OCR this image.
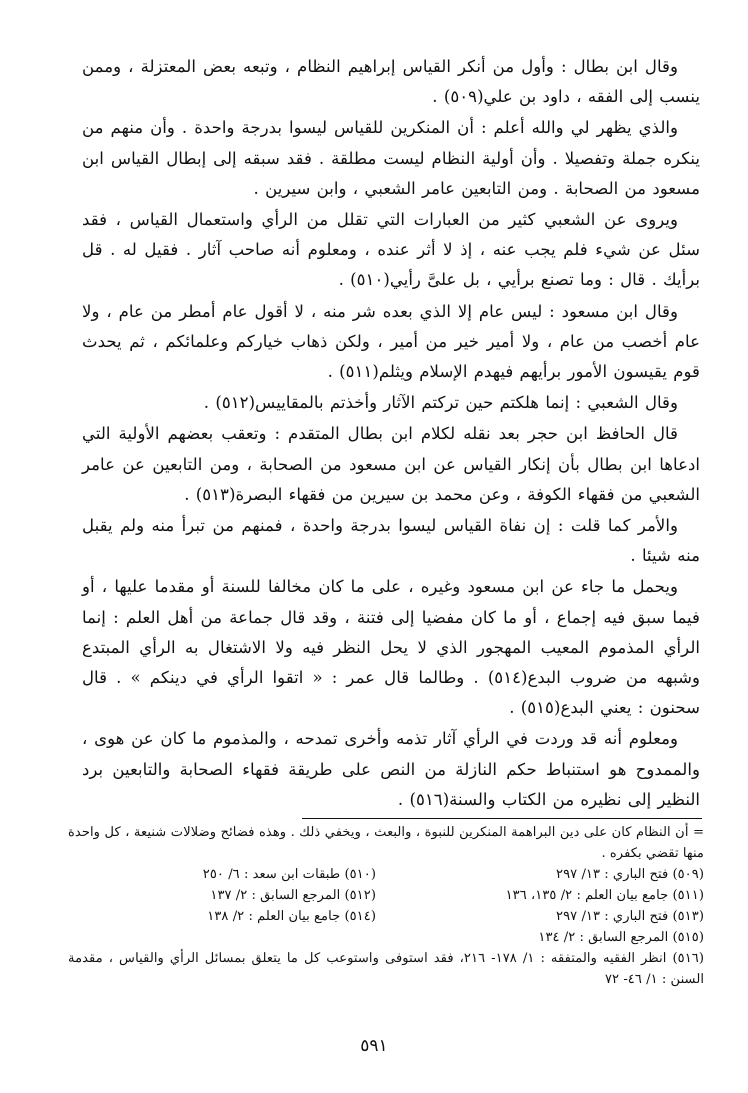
وقال ابن بطال : وأول من أنكر القياس إبراهيم النظام ، وتبعه بعض المعتزلة ، وممن ينسب إلى الفقه ، داود بن علي(٥٠٩) .

والذي يظهر لي والله أعلم : أن المنكرين للقياس ليسوا بدرجة واحدة . وأن منهم من ينكره جملة وتفصيلا . وأن أولية النظام ليست مطلقة . فقد سبقه إلى إبطال القياس ابن مسعود من الصحابة . ومن التابعين عامر الشعبي ، وابن سيرين .

ويروى عن الشعبي كثير من العبارات التي تقلل من الرأي واستعمال القياس ، فقد سئل عن شيء فلم يجب عنه ، إذ لا أثر عنده ، ومعلوم أنه صاحب آثار . فقيل له . قل برأيك . قال : وما تصنع برأيي ، بل علىَّ رأيي(٥١٠) .

وقال ابن مسعود : ليس عام إلا الذي بعده شر منه ، لا أقول عام أمطر من عام ، ولا عام أخصب من عام ، ولا أمير خير من أمير ، ولكن ذهاب خياركم وعلمائكم ، ثم يحدث قوم يقيسون الأمور برأيهم فيهدم الإسلام ويثلم(٥١١) .

وقال الشعبي : إنما هلكتم حين تركتم الآثار وأخذتم بالمقاييس(٥١٢) .

قال الحافظ ابن حجر بعد نقله لكلام ابن بطال المتقدم : وتعقب بعضهم الأولية التي ادعاها ابن بطال بأن إنكار القياس عن ابن مسعود من الصحابة ، ومن التابعين عن عامر الشعبي من فقهاء الكوفة ، وعن محمد بن سيرين من فقهاء البصرة(٥١٣) .

والأمر كما قلت : إن نفاة القياس ليسوا بدرجة واحدة ، فمنهم من تبرأ منه ولم يقبل منه شيئا .

ويحمل ما جاء عن ابن مسعود وغيره ، على ما كان مخالفا للسنة أو مقدما عليها ، أو فيما سبق فيه إجماع ، أو ما كان مفضيا إلى فتنة ، وقد قال جماعة من أهل العلم : إنما الرأي المذموم المعيب المهجور الذي لا يحل النظر فيه ولا الاشتغال به الرأي المبتدع وشبهه من ضروب البدع(٥١٤) . وطالما قال عمر : « اتقوا الرأي في دينكم » . قال سحنون : يعني البدع(٥١٥) .

ومعلوم أنه قد وردت في الرأي آثار تذمه وأخرى تمدحه ، والمذموم ما كان عن هوى ، والممدوح هو استنباط حكم النازلة من النص على طريقة فقهاء الصحابة والتابعين برد النظير إلى نظيره من الكتاب والسنة(٥١٦) .

= أن النظام كان على دين البراهمة المنكرين للنبوة ، والبعث ، ويخفي ذلك . وهذه فضائح وضلالات شنيعة ، كل واحدة منها تقضي بكفره .

(٥٠٩) فتح الباري : ١٣/ ٢٩٧
(٥١٠) طبقات ابن سعد : ٦/ ٢٥٠
(٥١١) جامع بيان العلم : ٢/ ١٣٥، ١٣٦
(٥١٢) المرجع السابق : ٢/ ١٣٧
(٥١٣) فتح الباري : ١٣/ ٢٩٧
(٥١٤) جامع بيان العلم : ٢/ ١٣٨
(٥١٥) المرجع السابق : ٢/ ١٣٤

(٥١٦) انظر الفقيه والمتفقه : ١/ ١٧٨- ٢١٦، فقد استوفى واستوعب كل ما يتعلق بمسائل الرأي والقياس ، مقدمة السنن : ١/ ٤٦- ٧٢

٥٩١
